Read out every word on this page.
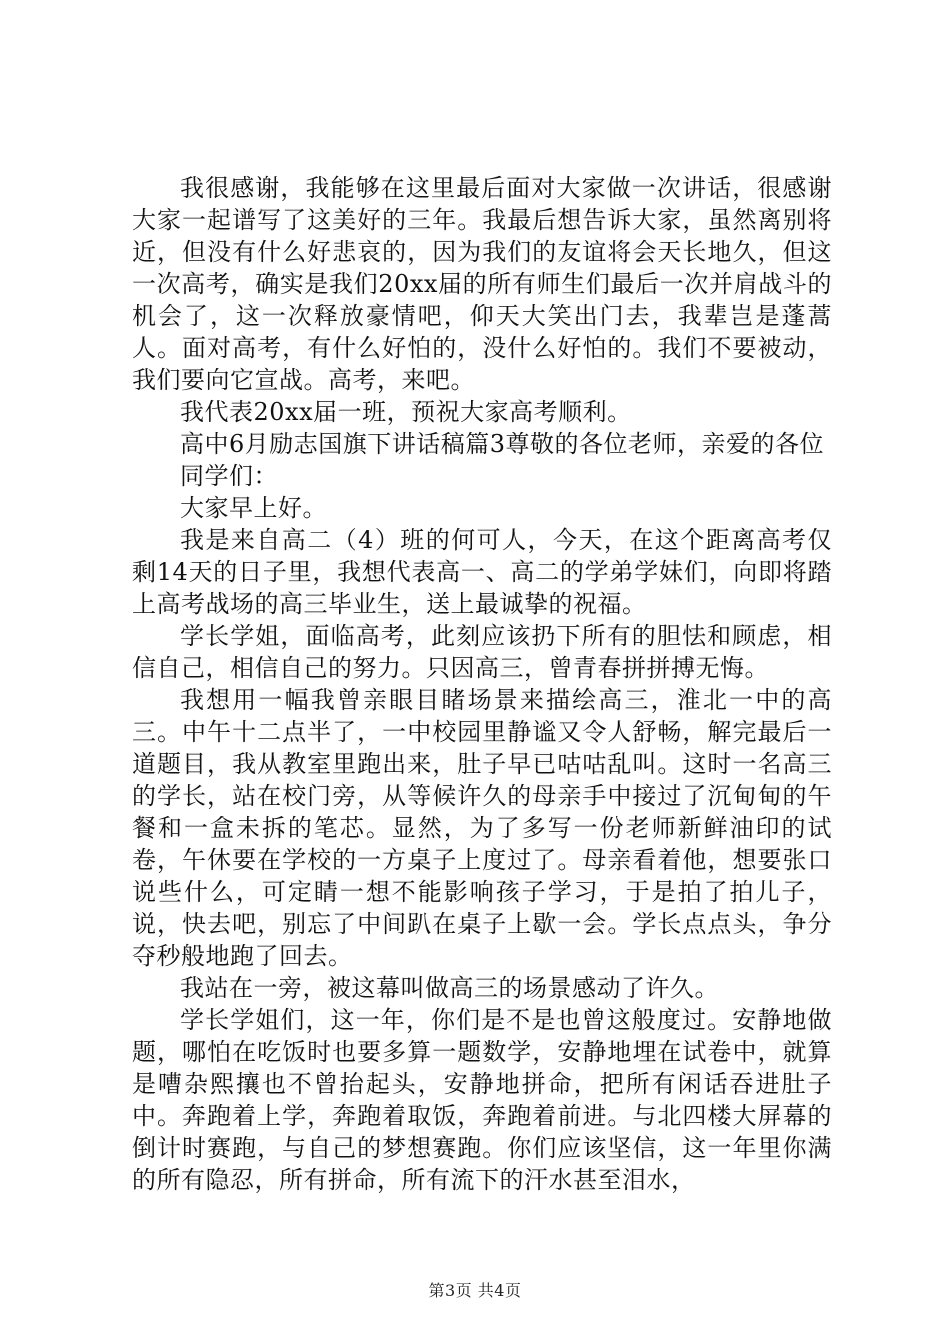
我很感谢，我能够在这里最后面对大家做一次讲话，很感谢大家一起谱写了这美好的三年。我最后想告诉大家，虽然离别将近，但没有什么好悲哀的，因为我们的友谊将会天长地久，但这一次高考，确实是我们20xx届的所有师生们最后一次并肩战斗的机会了，这一次释放豪情吧，仰天大笑出门去，我辈岂是蓬蒿人。面对高考，有什么好怕的，没什么好怕的。我们不要被动，我们要向它宣战。高考，来吧。

我代表20xx届一班，预祝大家高考顺利。

高中6月励志国旗下讲话稿篇3尊敬的各位老师，亲爱的各位

同学们：

大家早上好。

我是来自高二（4）班的何可人，今天，在这个距离高考仅剩14天的日子里，我想代表高一、高二的学弟学妹们，向即将踏上高考战场的高三毕业生，送上最诚挚的祝福。

学长学姐，面临高考，此刻应该扔下所有的胆怯和顾虑，相信自己，相信自己的努力。只因高三，曾青春拼拼搏无悔。

我想用一幅我曾亲眼目睹场景来描绘高三，淮北一中的高三。中午十二点半了，一中校园里静谧又令人舒畅，解完最后一道题目，我从教室里跑出来，肚子早已咕咕乱叫。这时一名高三的学长，站在校门旁，从等候许久的母亲手中接过了沉甸甸的午餐和一盒未拆的笔芯。显然，为了多写一份老师新鲜油印的试卷，午休要在学校的一方桌子上度过了。母亲看着他，想要张口说些什么，可定睛一想不能影响孩子学习，于是拍了拍儿子，说，快去吧，别忘了中间趴在桌子上歇一会。学长点点头，争分夺秒般地跑了回去。

我站在一旁，被这幕叫做高三的场景感动了许久。

学长学姐们，这一年，你们是不是也曾这般度过。安静地做题，哪怕在吃饭时也要多算一题数学，安静地埋在试卷中，就算是嘈杂熙攘也不曾抬起头，安静地拼命，把所有闲话吞进肚子中。奔跑着上学，奔跑着取饭，奔跑着前进。与北四楼大屏幕的倒计时赛跑，与自己的梦想赛跑。你们应该坚信，这一年里你满的所有隐忍，所有拼命，所有流下的汗水甚至泪水，

第3页 共4页
